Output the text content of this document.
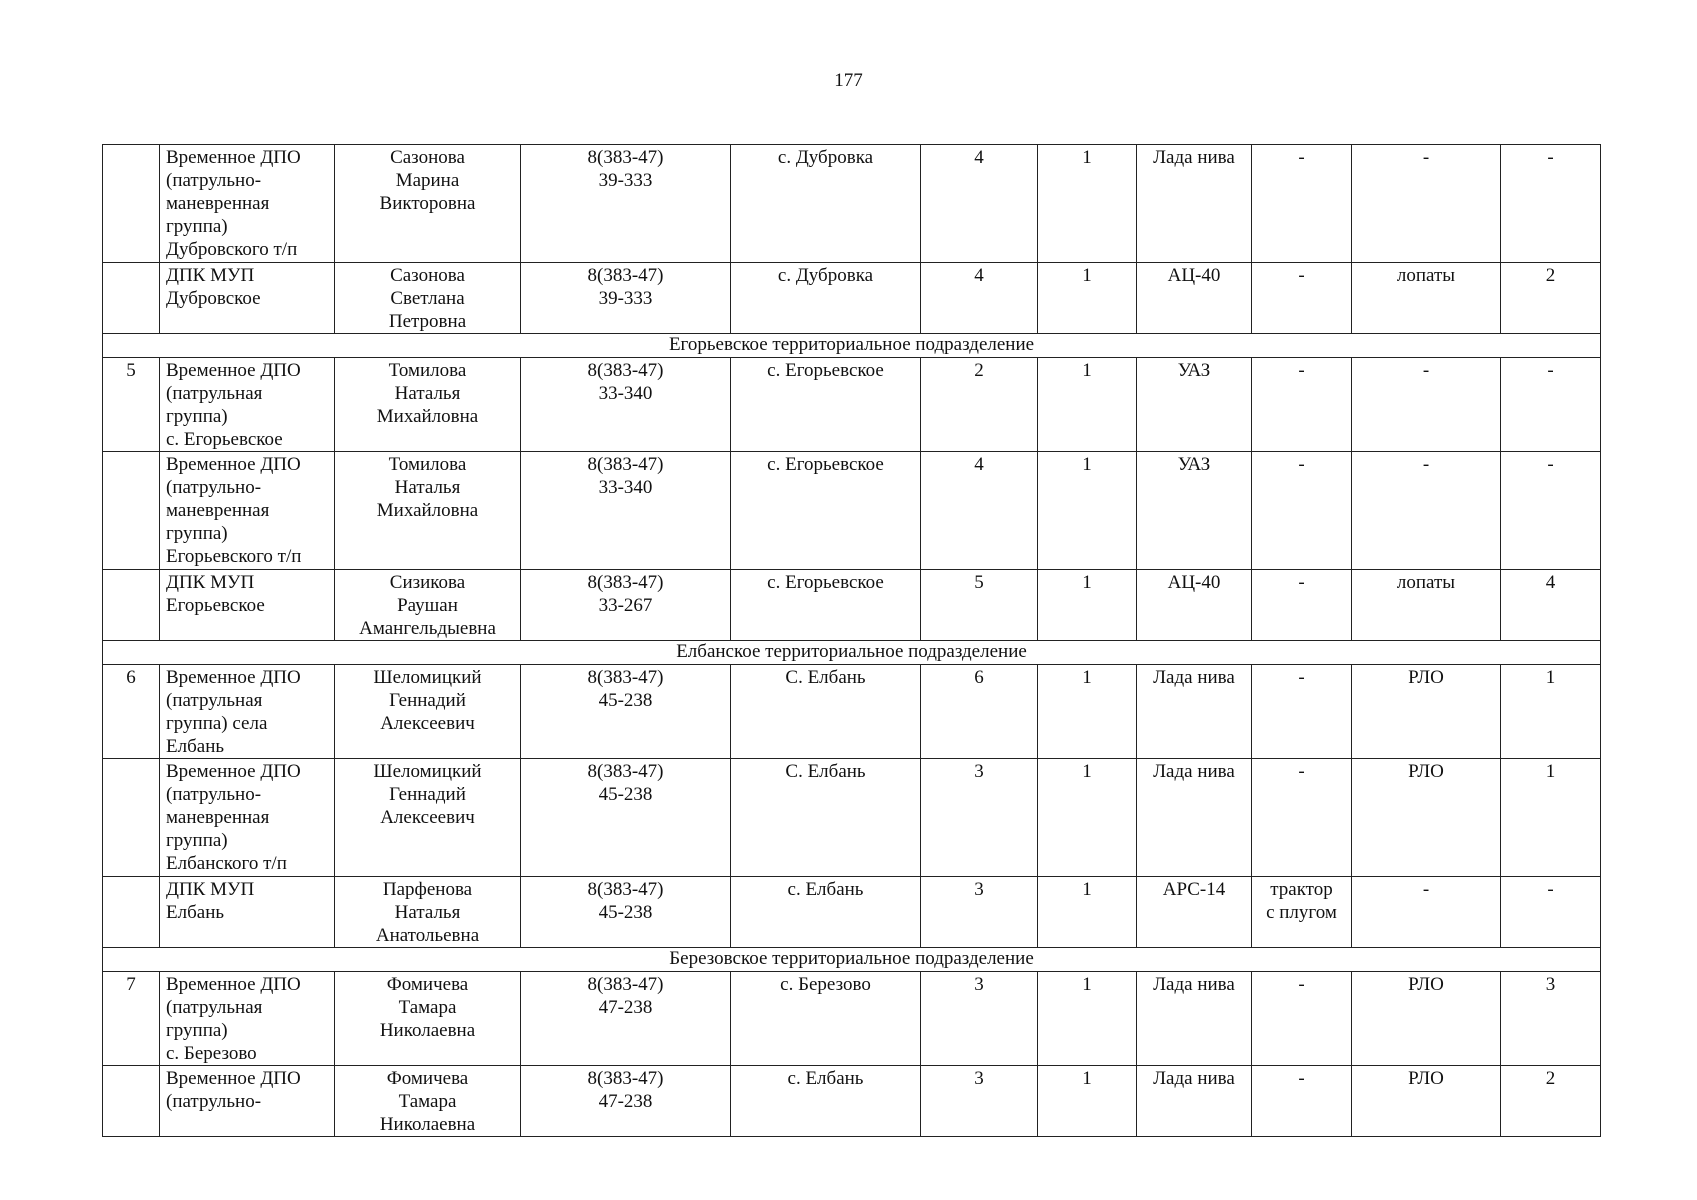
177
	Временное ДПО
(патрульно-
маневренная
группа)
Дубровского т/п	Сазонова
Марина
Викторовна	8(383-47)
39-333	с. Дубровка	4	1	Лада нива	-	-	-
	ДПК МУП
Дубровское	Сазонова
Светлана
Петровна	8(383-47)
39-333	с. Дубровка	4	1	АЦ-40	-	лопаты	2
Егорьевское территориальное подразделение										
5	Временное ДПО
(патрульная
группа)
с. Егорьевское	Томилова
Наталья
Михайловна	8(383-47)
33-340	с. Егорьевское	2	1	УАЗ	-	-	-
	Временное ДПО
(патрульно-
маневренная
группа)
Егорьевского т/п	Томилова
Наталья
Михайловна	8(383-47)
33-340	с. Егорьевское	4	1	УАЗ	-	-	-
	ДПК МУП
Егорьевское	Сизикова
Раушан
Амангельдыевна	8(383-47)
33-267	с. Егорьевское	5	1	АЦ-40	-	лопаты	4
Елбанское территориальное подразделение										
6	Временное ДПО
(патрульная
группа) села
Елбань	Шеломицкий
Геннадий
Алексеевич	8(383-47)
45-238	С. Елбань	6	1	Лада нива	-	РЛО	1
	Временное ДПО
(патрульно-
маневренная
группа)
Елбанского т/п	Шеломицкий
Геннадий
Алексеевич	8(383-47)
45-238	С. Елбань	3	1	Лада нива	-	РЛО	1
	ДПК МУП
Елбань	Парфенова
Наталья
Анатольевна	8(383-47)
45-238	с. Елбань	3	1	АРС-14	трактор
с плугом	-	-
Березовское территориальное подразделение										
7	Временное ДПО
(патрульная
группа)
с. Березово	Фомичева
Тамара
Николаевна	8(383-47)
47-238	с. Березово	3	1	Лада нива	-	РЛО	3
	Временное ДПО
(патрульно-	Фомичева
Тамара
Николаевна	8(383-47)
47-238	с. Елбань	3	1	Лада нива	-	РЛО	2
